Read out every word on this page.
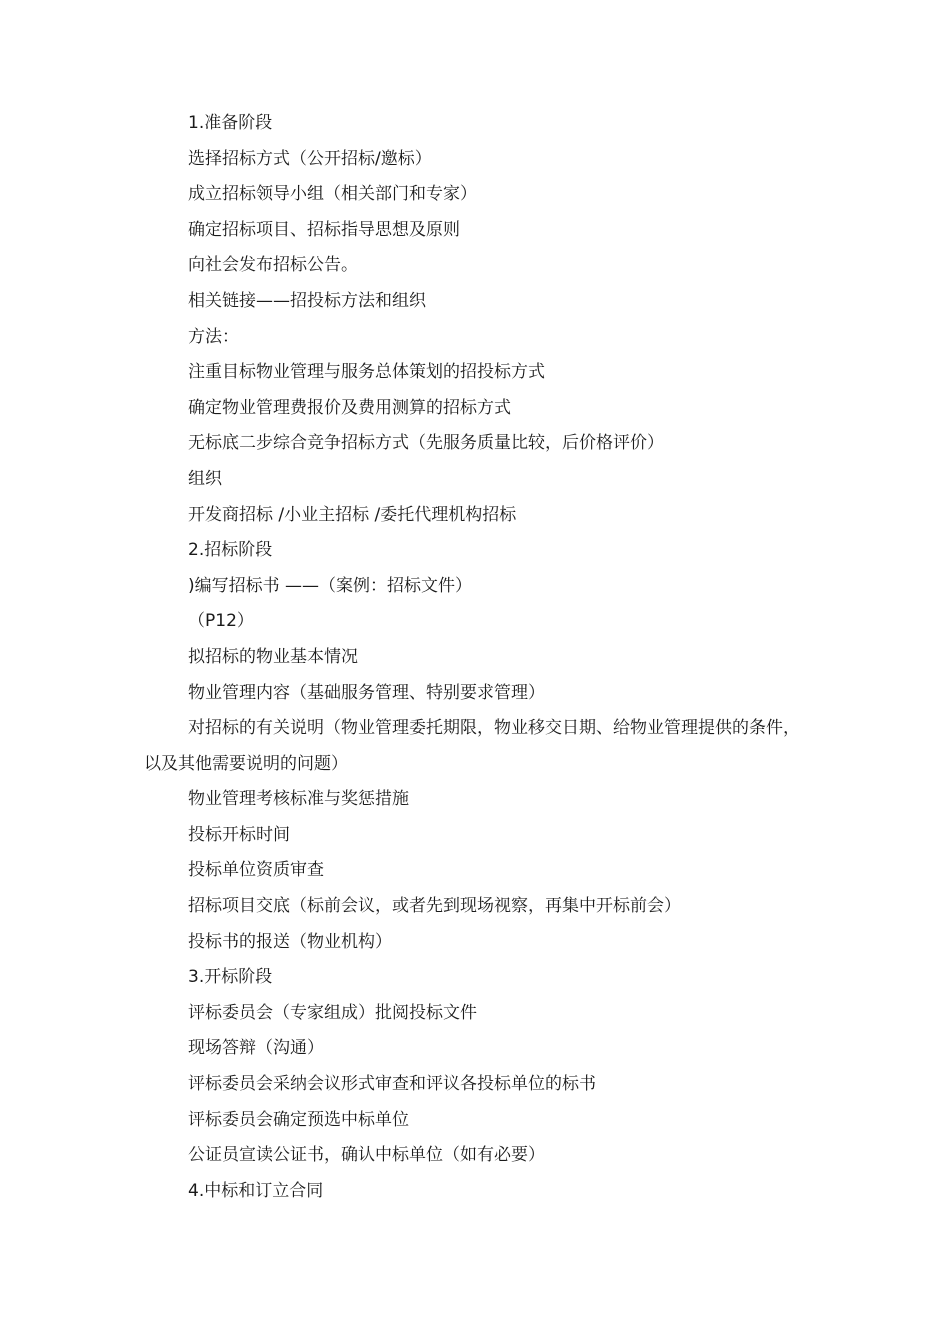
1.准备阶段

选择招标方式（公开招标/邀标）

成立招标领导小组（相关部门和专家）

确定招标项目、招标指导思想及原则

向社会发布招标公告。

相关链接——招投标方法和组织

方法：

注重目标物业管理与服务总体策划的招投标方式

确定物业管理费报价及费用测算的招标方式

无标底二步综合竞争招标方式（先服务质量比较，后价格评价）

组织

开发商招标 /小业主招标 /委托代理机构招标

2.招标阶段

)编写招标书 ——（案例：招标文件）

（P12）

拟招标的物业基本情况

物业管理内容（基础服务管理、特别要求管理）

对招标的有关说明（物业管理委托期限，物业移交日期、给物业管理提供的条件，以及其他需要说明的问题）

物业管理考核标准与奖惩措施

投标开标时间

投标单位资质审查

招标项目交底（标前会议，或者先到现场视察，再集中开标前会）

投标书的报送（物业机构）

3.开标阶段

评标委员会（专家组成）批阅投标文件

现场答辩（沟通）

评标委员会采纳会议形式审查和评议各投标单位的标书

评标委员会确定预选中标单位

公证员宣读公证书，确认中标单位（如有必要）

4.中标和订立合同
